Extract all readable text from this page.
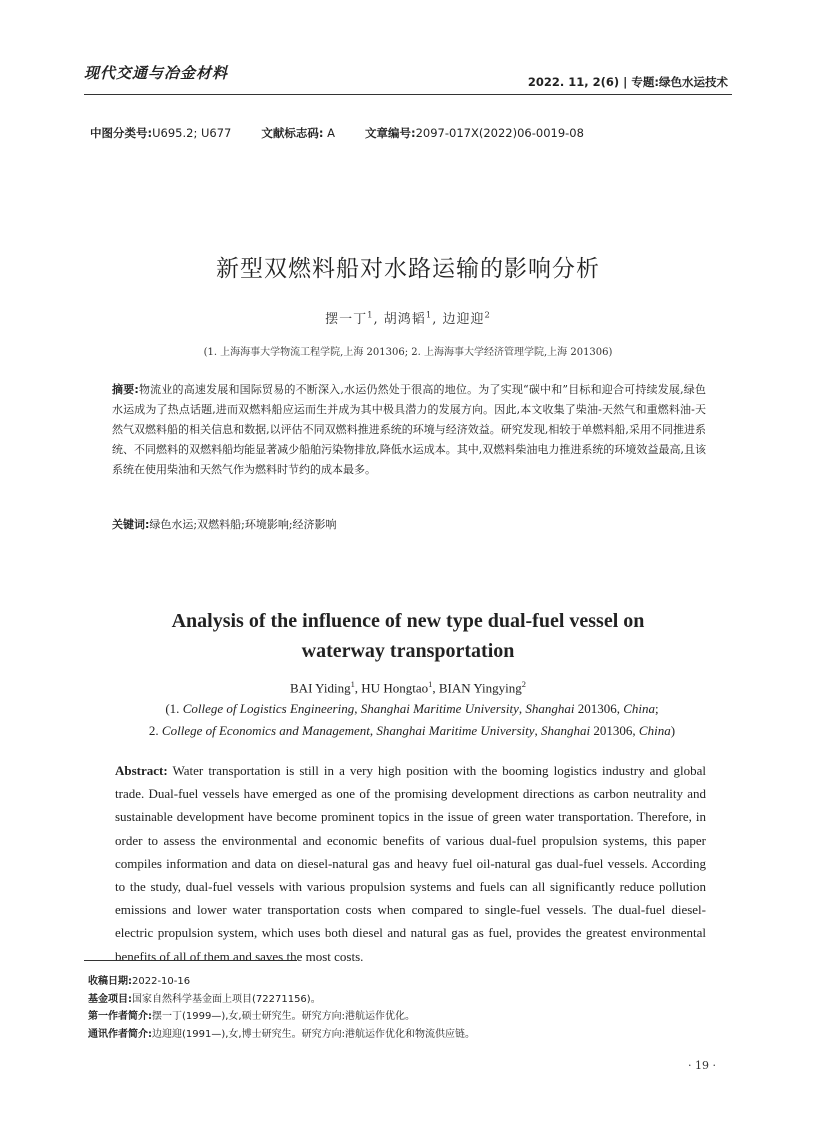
现代交通与冶金材料	2022. 11, 2(6) | 专题:绿色水运技术
中图分类号:U695.2; U677	文献标志码: A	文章编号:2097-017X(2022)06-0019-08
新型双燃料船对水路运输的影响分析
摆一丁$^1$, 胡鸿韬$^1$, 边迎迎$^2$
(1. 上海海事大学物流工程学院,上海 201306; 2. 上海海事大学经济管理学院,上海 201306)
摘要:物流业的高速发展和国际贸易的不断深入,水运仍然处于很高的地位。为了实现“碳中和”目标和迎合可持续发展,绿色水运成为了热点话题,进而双燃料船应运而生并成为其中极具潜力的发展方向。因此,本文收集了柴油-天然气和重燃料油-天然气双燃料船的相关信息和数据,以评估不同双燃料推进系统的环境与经济效益。研究发现,相较于单燃料船,采用不同推进系统、不同燃料的双燃料船均能显著减少船舶污染物排放,降低水运成本。其中,双燃料柴油电力推进系统的环境效益最高,且该系统在使用柴油和天然气作为燃料时节约的成本最多。
关键词:绿色水运;双燃料船;环境影响;经济影响
Analysis of the influence of new type dual-fuel vessel on
waterway transportation
BAI Yiding$^1$, HU Hongtao$^1$, BIAN Yingying$^2$
(1. College of Logistics Engineering, Shanghai Maritime University, Shanghai 201306, China;
2. College of Economics and Management, Shanghai Maritime University, Shanghai 201306, China)
Abstract: Water transportation is still in a very high position with the booming logistics industry and global trade. Dual-fuel vessels have emerged as one of the promising development directions as carbon neutrality and sustainable development have become prominent topics in the issue of green water transportation. Therefore, in order to assess the environmental and economic benefits of various dual-fuel propulsion systems, this paper compiles information and data on diesel-natural gas and heavy fuel oil-natural gas dual-fuel vessels. According to the study, dual-fuel vessels with various propulsion systems and fuels can all significantly reduce pollution emissions and lower water transportation costs when compared to single-fuel vessels. The dual-fuel diesel-electric propulsion system, which uses both diesel and natural gas as fuel, provides the greatest environmental benefits of all of them and saves the most costs.
收稿日期:2022-10-16
基金项目:国家自然科学基金面上项目(72271156)。
第一作者简介:摆一丁(1999—),女,硕士研究生。研究方向:港航运作优化。
通讯作者简介:边迎迎(1991—),女,博士研究生。研究方向:港航运作优化和物流供应链。
· 19 ·
